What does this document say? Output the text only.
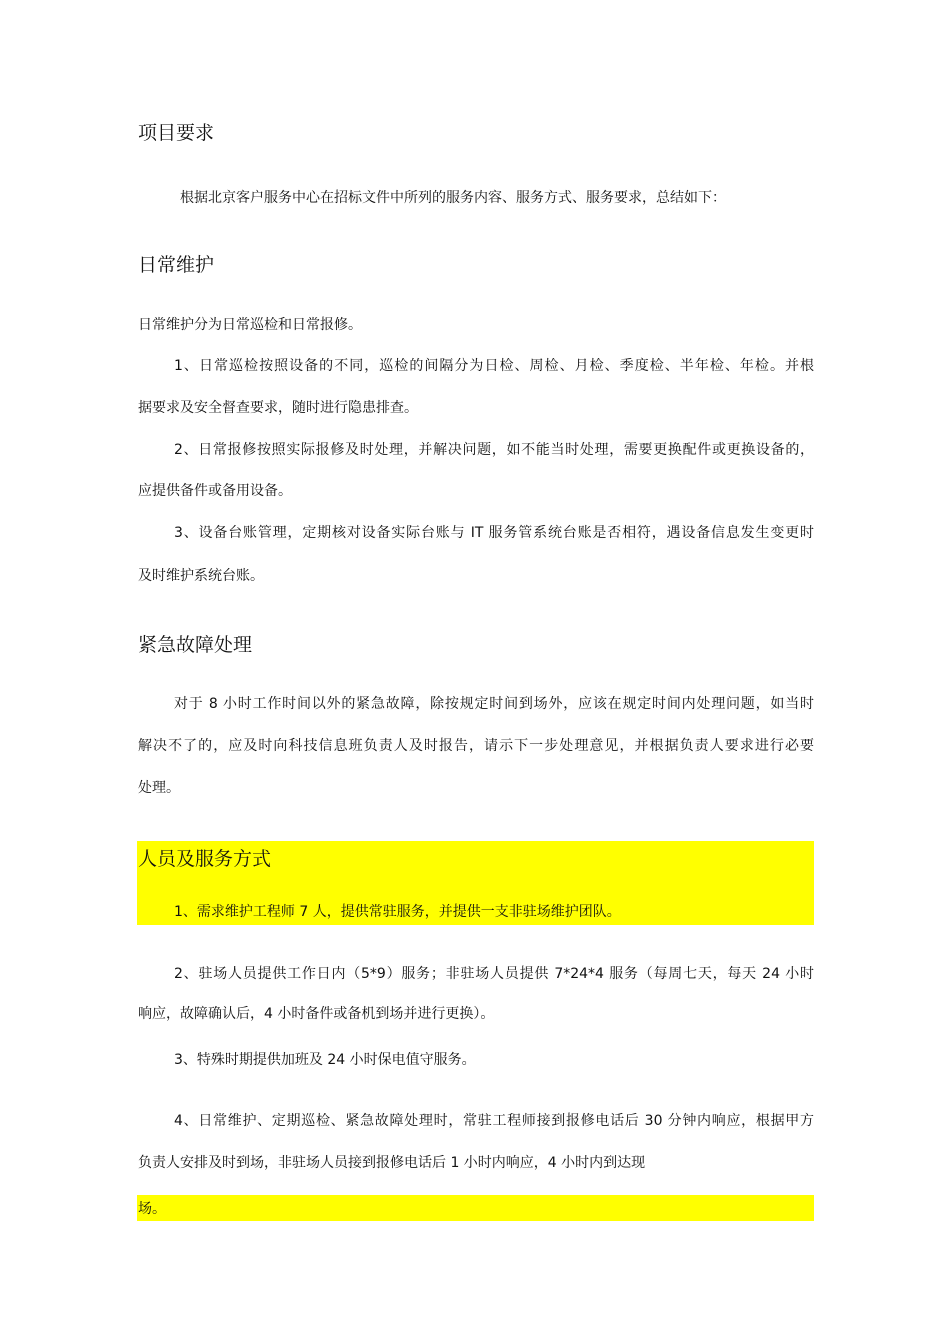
项目要求
根据北京客户服务中心在招标文件中所列的服务内容、服务方式、服务要求，总结如下：
日常维护
日常维护分为日常巡检和日常报修。
1、日常巡检按照设备的不同，巡检的间隔分为日检、周检、月检、季度检、半年检、年检。并根
据要求及安全督查要求，随时进行隐患排查。
2、日常报修按照实际报修及时处理，并解决问题，如不能当时处理，需要更换配件或更换设备的，
应提供备件或备用设备。
3、设备台账管理，定期核对设备实际台账与 IT 服务管系统台账是否相符，遇设备信息发生变更时
及时维护系统台账。
紧急故障处理
对于 8 小时工作时间以外的紧急故障，除按规定时间到场外，应该在规定时间内处理问题，如当时
解决不了的，应及时向科技信息班负责人及时报告，请示下一步处理意见，并根据负责人要求进行必要
处理。
人员及服务方式
1、需求维护工程师 7 人，提供常驻服务，并提供一支非驻场维护团队。
2、驻场人员提供工作日内（5*9）服务；非驻场人员提供 7*24*4 服务（每周七天，每天 24 小时
响应，故障确认后，4 小时备件或备机到场并进行更换）。
3、特殊时期提供加班及 24 小时保电值守服务。
4、日常维护、定期巡检、紧急故障处理时，常驻工程师接到报修电话后 30 分钟内响应，根据甲方
负责人安排及时到场，非驻场人员接到报修电话后 1 小时内响应，4 小时内到达现
场。
